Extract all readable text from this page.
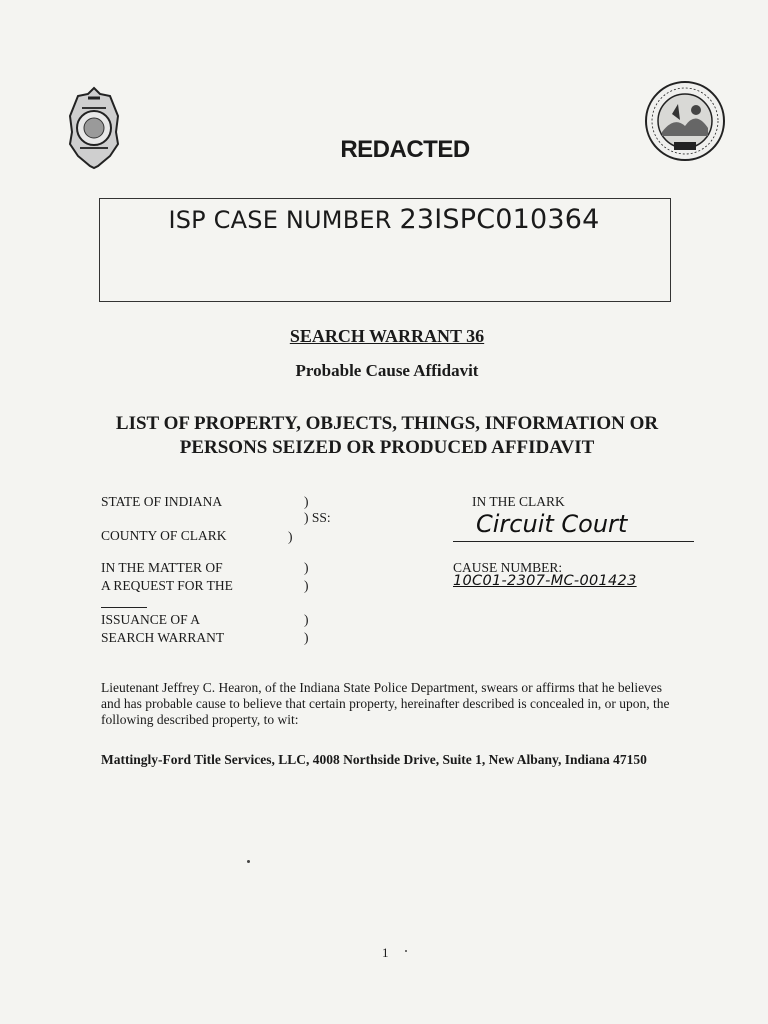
REDACTED
ISP CASE NUMBER 23ISPC010364
SEARCH WARRANT 36
Probable Cause Affidavit
LIST OF PROPERTY, OBJECTS, THINGS, INFORMATION OR
PERSONS SEIZED OR PRODUCED AFFIDAVIT
STATE OF INDIANA
COUNTY OF CLARK
IN THE MATTER OF
A REQUEST FOR THE
ISSUANCE OF A
SEARCH WARRANT
)
) SS:
)
)
)
)
)
IN THE CLARK
Circuit Court
CAUSE NUMBER:
10C01-2307-MC-001423
Lieutenant Jeffrey C. Hearon, of the Indiana State Police Department, swears or affirms that he believes and has probable cause to believe that certain property, hereinafter described is concealed in, or upon, the following described property, to wit:
Mattingly-Ford Title Services, LLC, 4008 Northside Drive, Suite 1, New Albany, Indiana 47150
1
